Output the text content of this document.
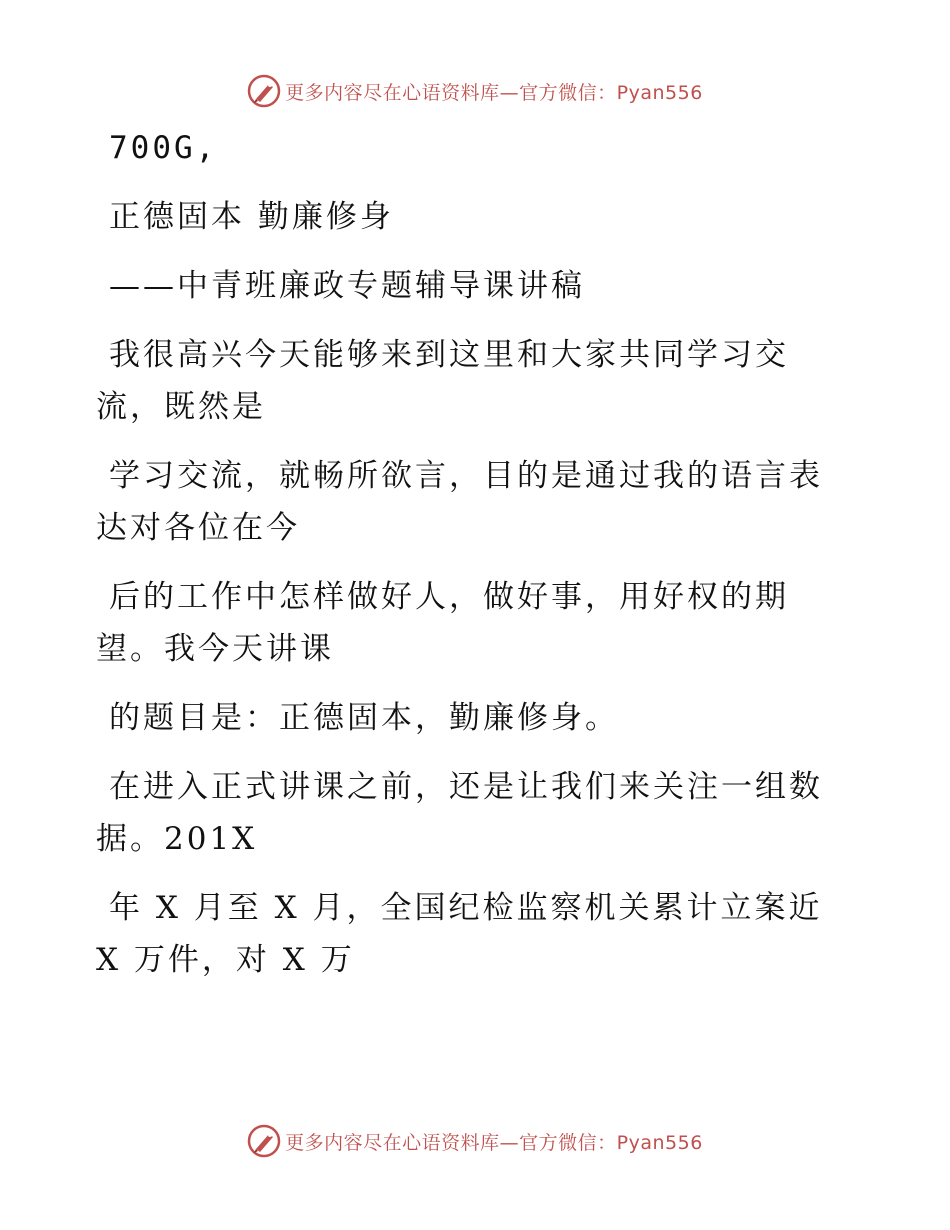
更多内容尽在心语资料库—官方微信：Pyan556
700G,
正德固本 勤廉修身
——中青班廉政专题辅导课讲稿
我很高兴今天能够来到这里和大家共同学习交
流，既然是
学习交流，就畅所欲言，目的是通过我的语言表
达对各位在今
后的工作中怎样做好人，做好事，用好权的期
望。我今天讲课
的题目是：正德固本，勤廉修身。
在进入正式讲课之前，还是让我们来关注一组数
据。201X
年 X 月至 X 月，全国纪检监察机关累计立案近
X 万件，对 X 万
更多内容尽在心语资料库—官方微信：Pyan556
